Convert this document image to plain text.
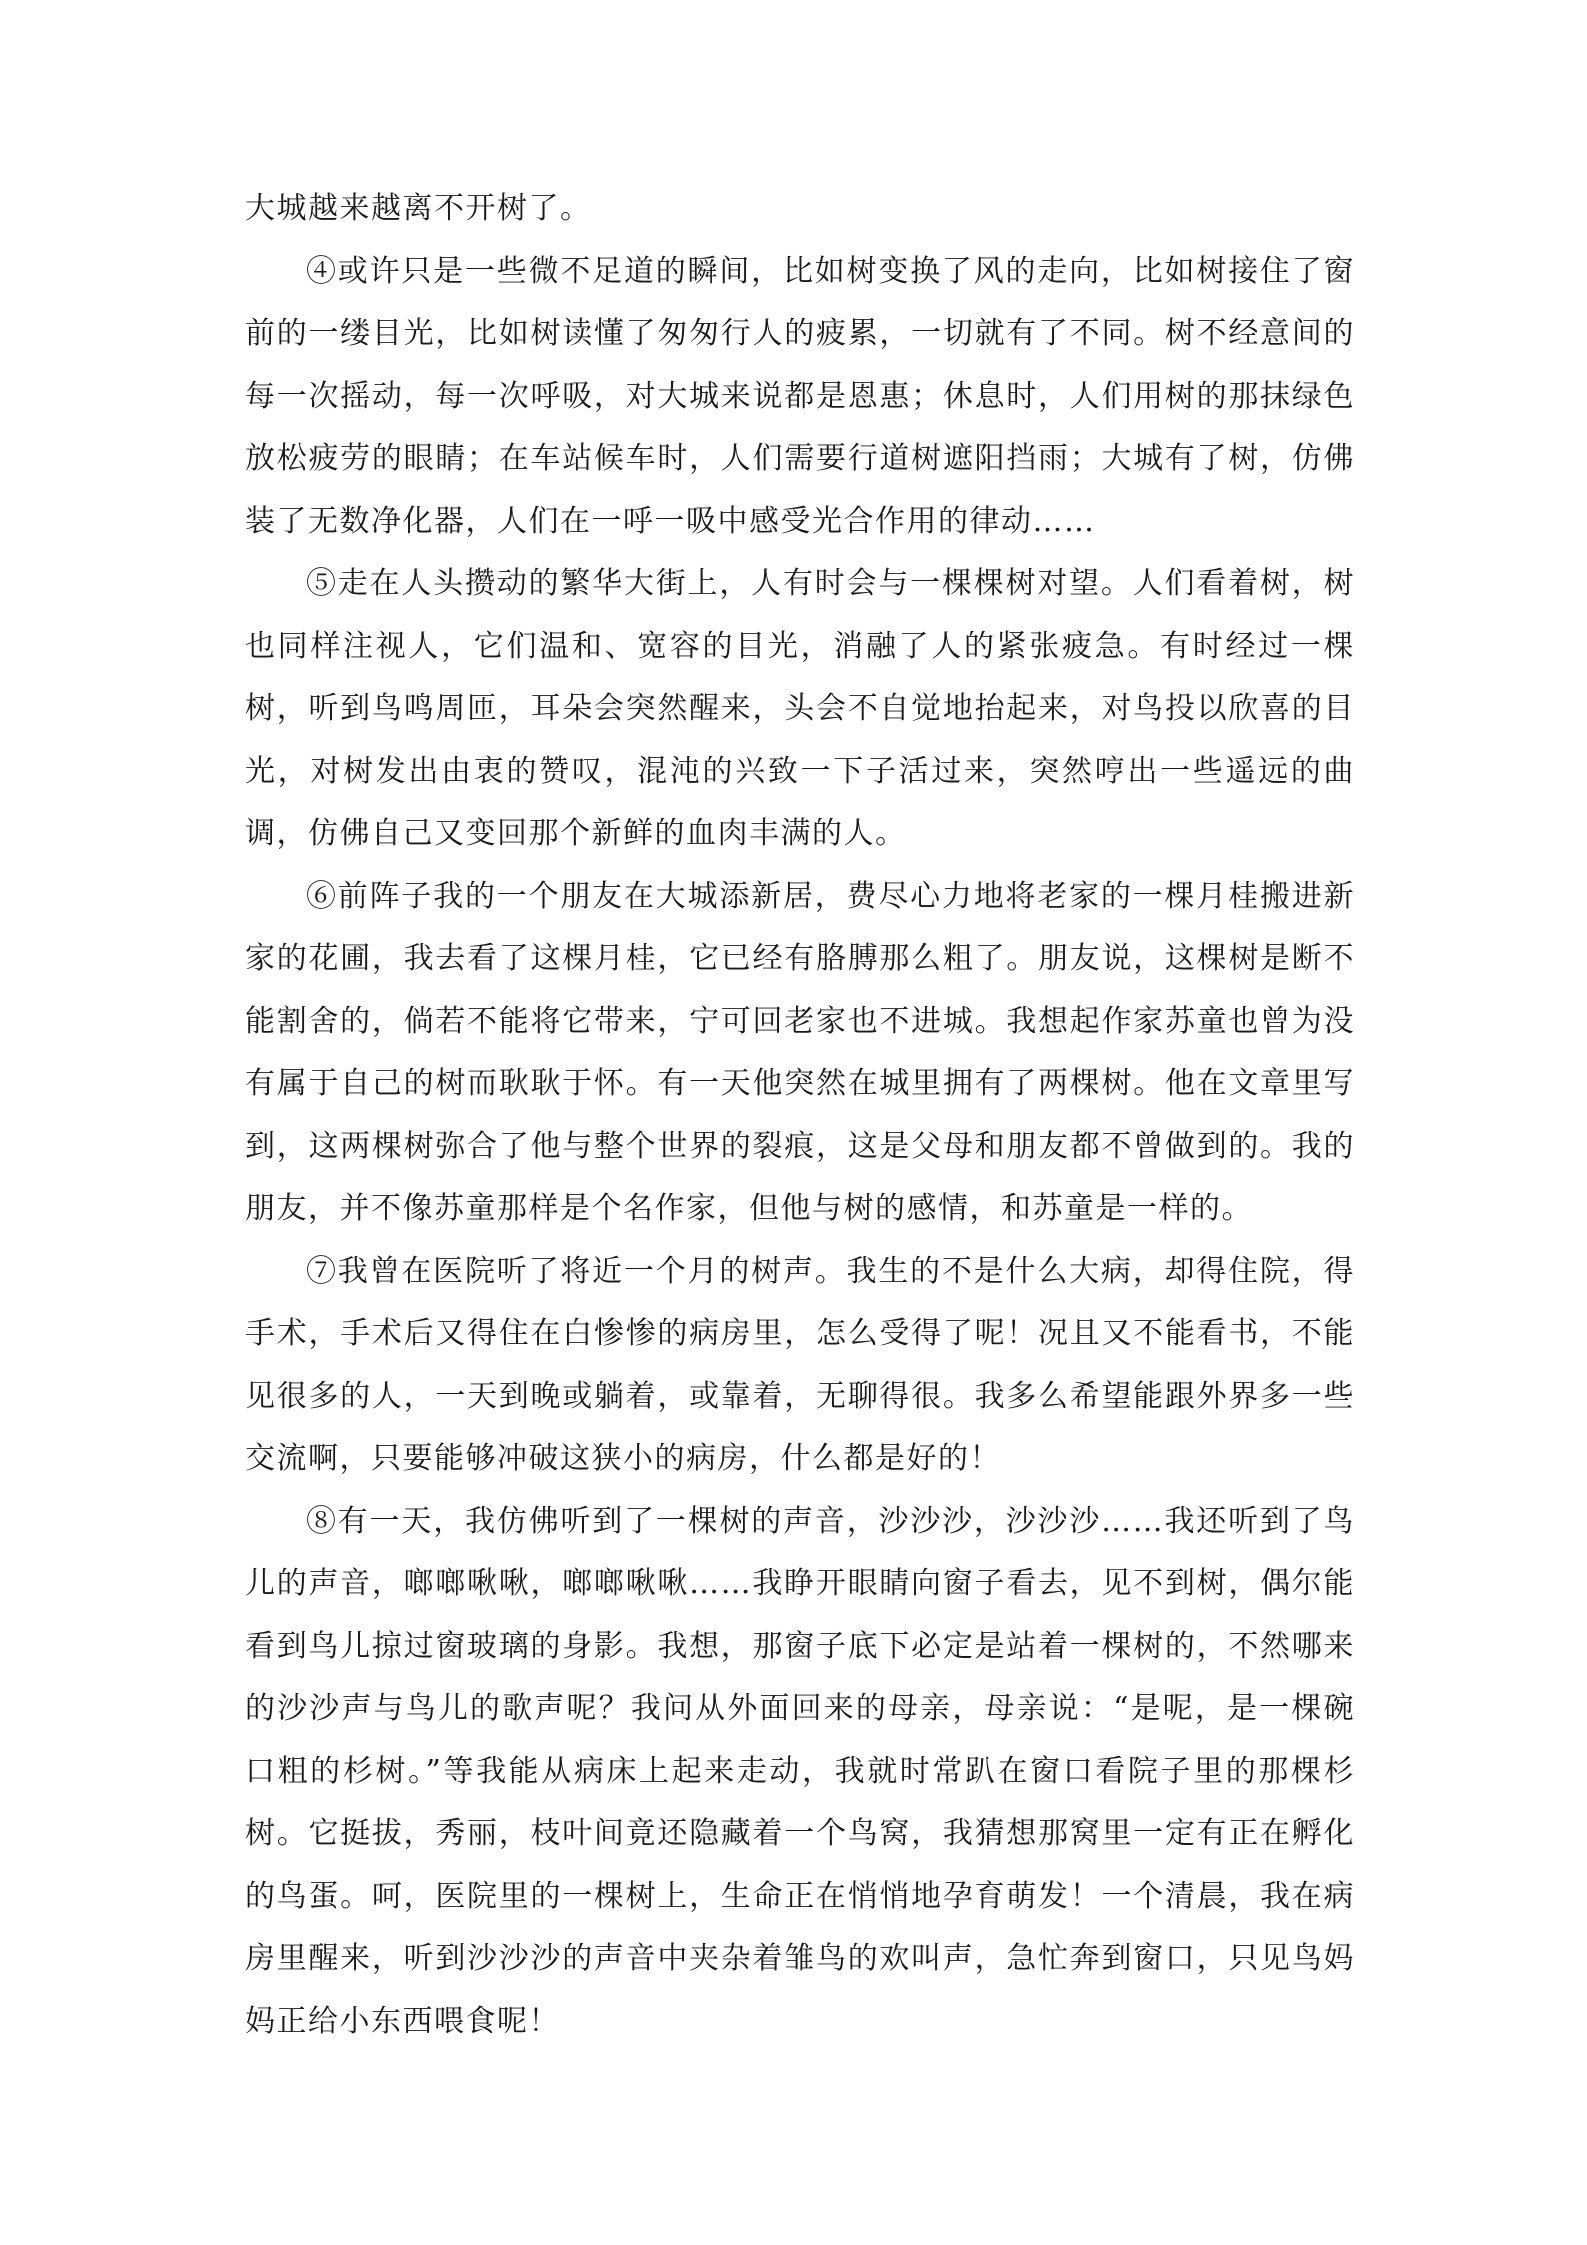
大城越来越离不开树了。

④或许只是一些微不足道的瞬间，比如树变换了风的走向，比如树接住了窗前的一缕目光，比如树读懂了匆匆行人的疲累，一切就有了不同。树不经意间的每一次摇动，每一次呼吸，对大城来说都是恩惠；休息时，人们用树的那抹绿色放松疲劳的眼睛；在车站候车时，人们需要行道树遮阳挡雨；大城有了树，仿佛装了无数净化器，人们在一呼一吸中感受光合作用的律动……

⑤走在人头攒动的繁华大街上，人有时会与一棵棵树对望。人们看着树，树也同样注视人，它们温和、宽容的目光，消融了人的紧张疲急。有时经过一棵树，听到鸟鸣周匝，耳朵会突然醒来，头会不自觉地抬起来，对鸟投以欣喜的目光，对树发出由衷的赞叹，混沌的兴致一下子活过来，突然哼出一些遥远的曲调，仿佛自己又变回那个新鲜的血肉丰满的人。

⑥前阵子我的一个朋友在大城添新居，费尽心力地将老家的一棵月桂搬进新家的花圃，我去看了这棵月桂，它已经有胳膊那么粗了。朋友说，这棵树是断不能割舍的，倘若不能将它带来，宁可回老家也不进城。我想起作家苏童也曾为没有属于自己的树而耿耿于怀。有一天他突然在城里拥有了两棵树。他在文章里写到，这两棵树弥合了他与整个世界的裂痕，这是父母和朋友都不曾做到的。我的朋友，并不像苏童那样是个名作家，但他与树的感情，和苏童是一样的。

⑦我曾在医院听了将近一个月的树声。我生的不是什么大病，却得住院，得手术，手术后又得住在白惨惨的病房里，怎么受得了呢！况且又不能看书，不能见很多的人，一天到晚或躺着，或靠着，无聊得很。我多么希望能跟外界多一些交流啊，只要能够冲破这狭小的病房，什么都是好的！

⑧有一天，我仿佛听到了一棵树的声音，沙沙沙，沙沙沙……我还听到了鸟儿的声音，啷啷啾啾，啷啷啾啾……我睁开眼睛向窗子看去，见不到树，偶尔能看到鸟儿掠过窗玻璃的身影。我想，那窗子底下必定是站着一棵树的，不然哪来的沙沙声与鸟儿的歌声呢？我问从外面回来的母亲，母亲说：“是呢，是一棵碗口粗的杉树。”等我能从病床上起来走动，我就时常趴在窗口看院子里的那棵杉树。它挺拔，秀丽，枝叶间竟还隐藏着一个鸟窝，我猜想那窝里一定有正在孵化的鸟蛋。呵，医院里的一棵树上，生命正在悄悄地孕育萌发！一个清晨，我在病房里醒来，听到沙沙沙的声音中夹杂着雏鸟的欢叫声，急忙奔到窗口，只见鸟妈妈正给小东西喂食呢！
